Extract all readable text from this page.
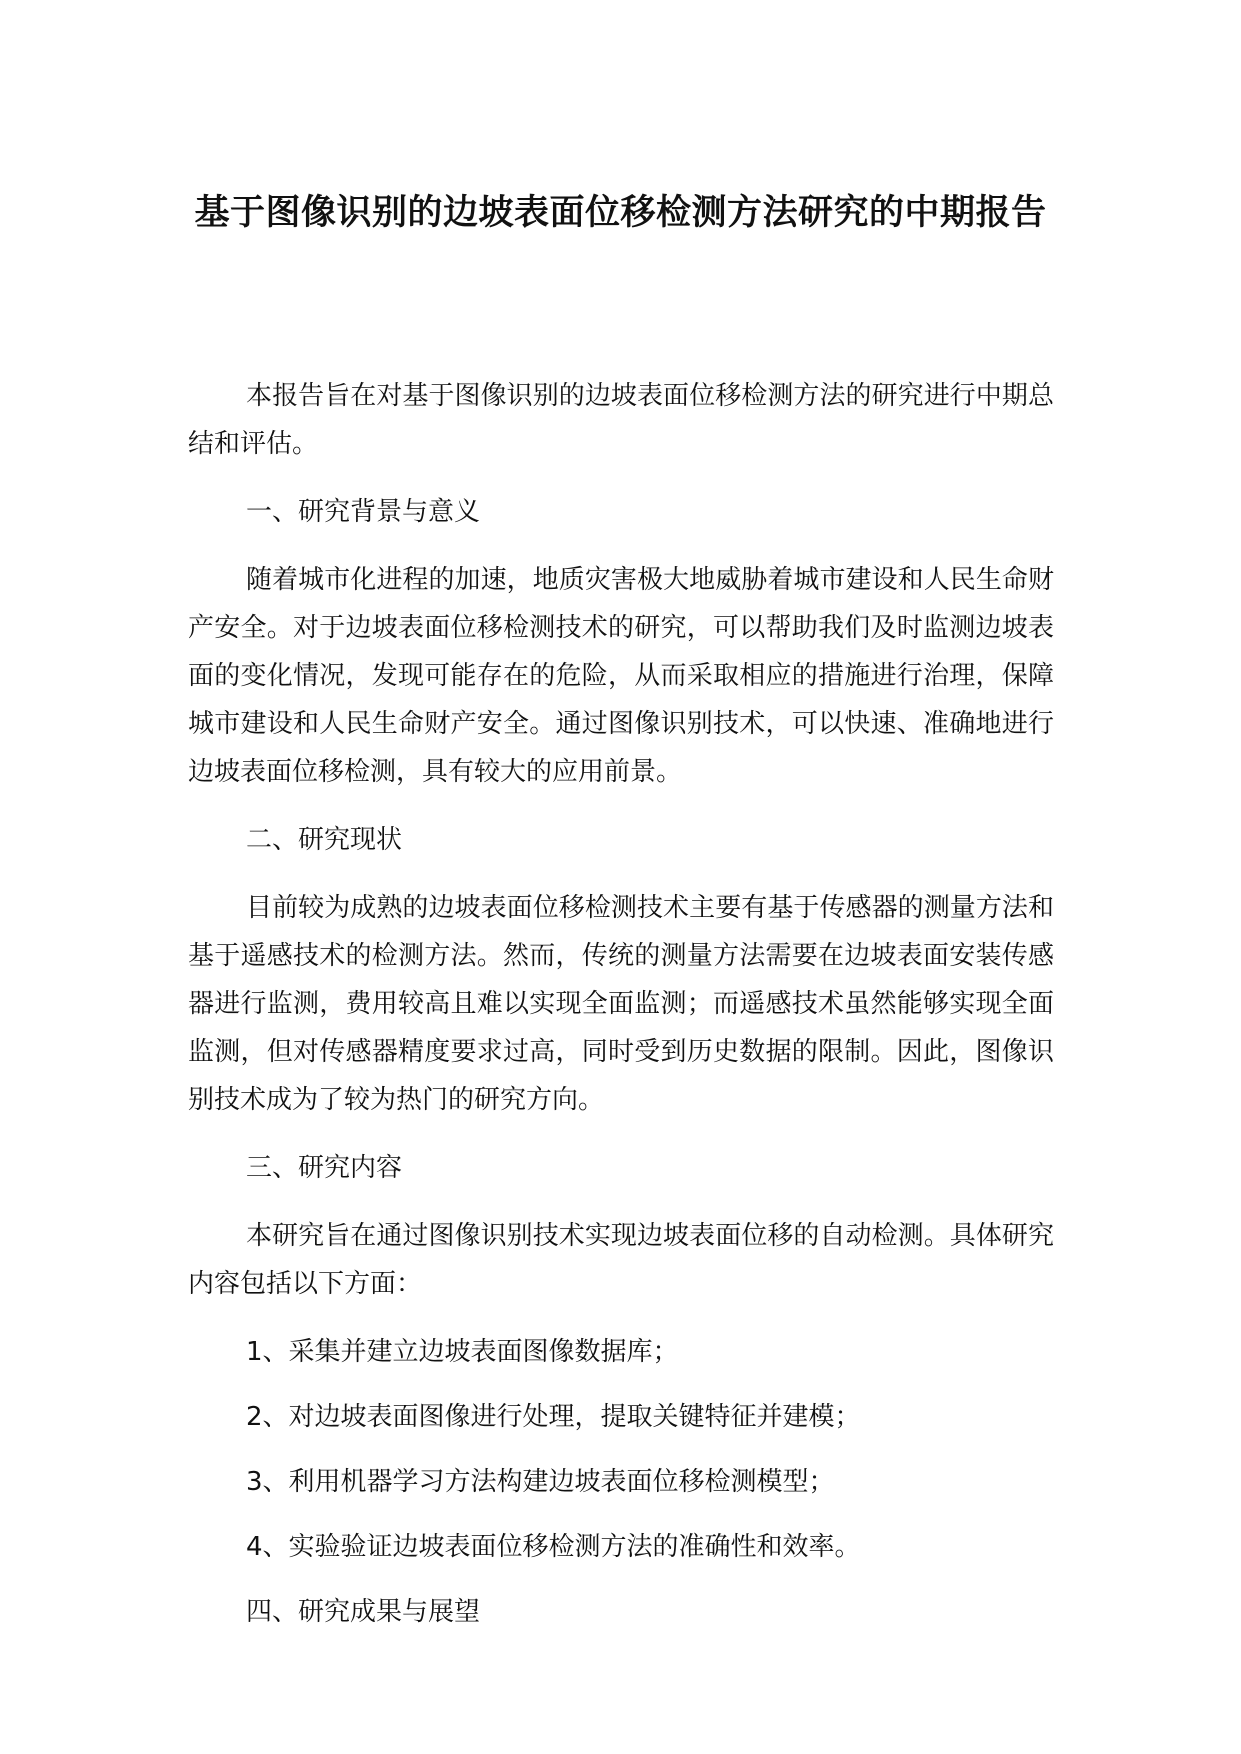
基于图像识别的边坡表面位移检测方法研究的中期报告

本报告旨在对基于图像识别的边坡表面位移检测方法的研究进行中期总结和评估。

一、研究背景与意义

随着城市化进程的加速，地质灾害极大地威胁着城市建设和人民生命财产安全。对于边坡表面位移检测技术的研究，可以帮助我们及时监测边坡表面的变化情况，发现可能存在的危险，从而采取相应的措施进行治理，保障城市建设和人民生命财产安全。通过图像识别技术，可以快速、准确地进行边坡表面位移检测，具有较大的应用前景。

二、研究现状

目前较为成熟的边坡表面位移检测技术主要有基于传感器的测量方法和基于遥感技术的检测方法。然而，传统的测量方法需要在边坡表面安装传感器进行监测，费用较高且难以实现全面监测；而遥感技术虽然能够实现全面监测，但对传感器精度要求过高，同时受到历史数据的限制。因此，图像识别技术成为了较为热门的研究方向。

三、研究内容

本研究旨在通过图像识别技术实现边坡表面位移的自动检测。具体研究内容包括以下方面：

1、采集并建立边坡表面图像数据库；

2、对边坡表面图像进行处理，提取关键特征并建模；

3、利用机器学习方法构建边坡表面位移检测模型；

4、实验验证边坡表面位移检测方法的准确性和效率。

四、研究成果与展望
